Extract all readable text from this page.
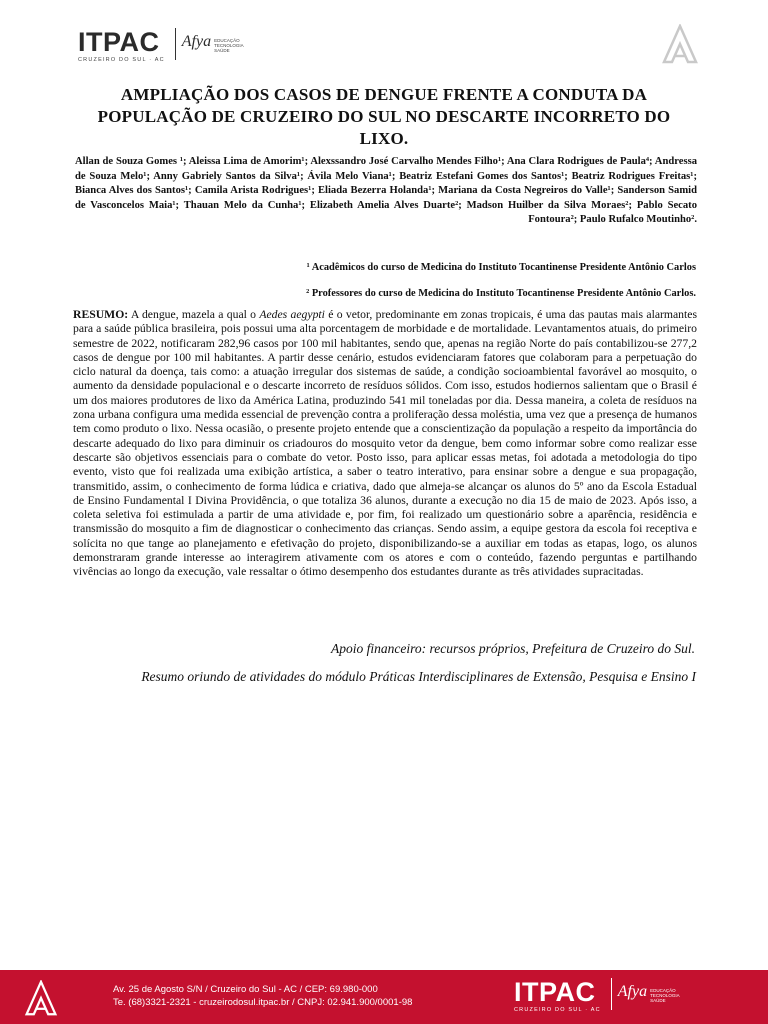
ITPAC
CRUZEIRO DO SUL · AC
Afya EDUCAÇÃO TECNOLOGIA SAÚDE
AMPLIAÇÃO DOS CASOS DE DENGUE FRENTE A CONDUTA DA POPULAÇÃO DE CRUZEIRO DO SUL NO DESCARTE INCORRETO DO LIXO.
Allan de Souza Gomes ¹; Aleissa Lima de Amorim¹; Alexssandro José Carvalho Mendes Filho¹; Ana Clara Rodrigues de Paula⁴; Andressa de Souza Melo¹; Anny Gabriely Santos da Silva¹; Ávila Melo Viana¹; Beatriz Estefani Gomes dos Santos¹; Beatriz Rodrigues Freitas¹; Bianca Alves dos Santos¹; Camila Arista Rodrigues¹; Eliada Bezerra Holanda¹; Mariana da Costa Negreiros do Valle¹; Sanderson Samid de Vasconcelos Maia¹; Thauan Melo da Cunha¹; Elizabeth Amelia Alves Duarte²; Madson Huilber da Silva Moraes²; Pablo Secato Fontoura²; Paulo Rufalco Moutinho².
¹ Acadêmicos do curso de Medicina do Instituto Tocantinense Presidente Antônio Carlos
² Professores do curso de Medicina do Instituto Tocantinense Presidente Antônio Carlos.
RESUMO: A dengue, mazela a qual o Aedes aegypti é o vetor, predominante em zonas tropicais, é uma das pautas mais alarmantes para a saúde pública brasileira, pois possui uma alta porcentagem de morbidade e de mortalidade. Levantamentos atuais, do primeiro semestre de 2022, notificaram 282,96 casos por 100 mil habitantes, sendo que, apenas na região Norte do país contabilizou-se 277,2 casos de dengue por 100 mil habitantes. A partir desse cenário, estudos evidenciaram fatores que colaboram para a perpetuação do ciclo natural da doença, tais como: a atuação irregular dos sistemas de saúde, a condição socioambiental favorável ao mosquito, o aumento da densidade populacional e o descarte incorreto de resíduos sólidos. Com isso, estudos hodiernos salientam que o Brasil é um dos maiores produtores de lixo da América Latina, produzindo 541 mil toneladas por dia. Dessa maneira, a coleta de resíduos na zona urbana configura uma medida essencial de prevenção contra a proliferação dessa moléstia, uma vez que a presença de humanos tem como produto o lixo. Nessa ocasião, o presente projeto entende que a conscientização da população a respeito da importância do descarte adequado do lixo para diminuir os criadouros do mosquito vetor da dengue, bem como informar sobre como realizar esse descarte são objetivos essenciais para o combate do vetor. Posto isso, para aplicar essas metas, foi adotada a metodologia do tipo evento, visto que foi realizada uma exibição artística, a saber o teatro interativo, para ensinar sobre a dengue e sua propagação, transmitido, assim, o conhecimento de forma lúdica e criativa, dado que almeja-se alcançar os alunos do 5º ano da Escola Estadual de Ensino Fundamental I Divina Providência, o que totaliza 36 alunos, durante a execução no dia 15 de maio de 2023. Após isso, a coleta seletiva foi estimulada a partir de uma atividade e, por fim, foi realizado um questionário sobre a aparência, residência e transmissão do mosquito a fim de diagnosticar o conhecimento das crianças. Sendo assim, a equipe gestora da escola foi receptiva e solícita no que tange ao planejamento e efetivação do projeto, disponibilizando-se a auxiliar em todas as etapas, logo, os alunos demonstraram grande interesse ao interagirem ativamente com os atores e com o conteúdo, fazendo perguntas e partilhando vivências ao longo da execução, vale ressaltar o ótimo desempenho dos estudantes durante as três atividades supracitadas.
Apoio financeiro: recursos próprios, Prefeitura de Cruzeiro do Sul.
Resumo oriundo de atividades do módulo Práticas Interdisciplinares de Extensão, Pesquisa e Ensino I
Av. 25 de Agosto S/N / Cruzeiro do Sul - AC / CEP: 69.980-000
Te. (68)3321-2321 - cruzeirodosul.itpac.br / CNPJ: 02.941.900/0001-98	ITPAC
CRUZEIRO DO SUL · AC
Afya EDUCAÇÃO TECNOLOGIA SAÚDE
